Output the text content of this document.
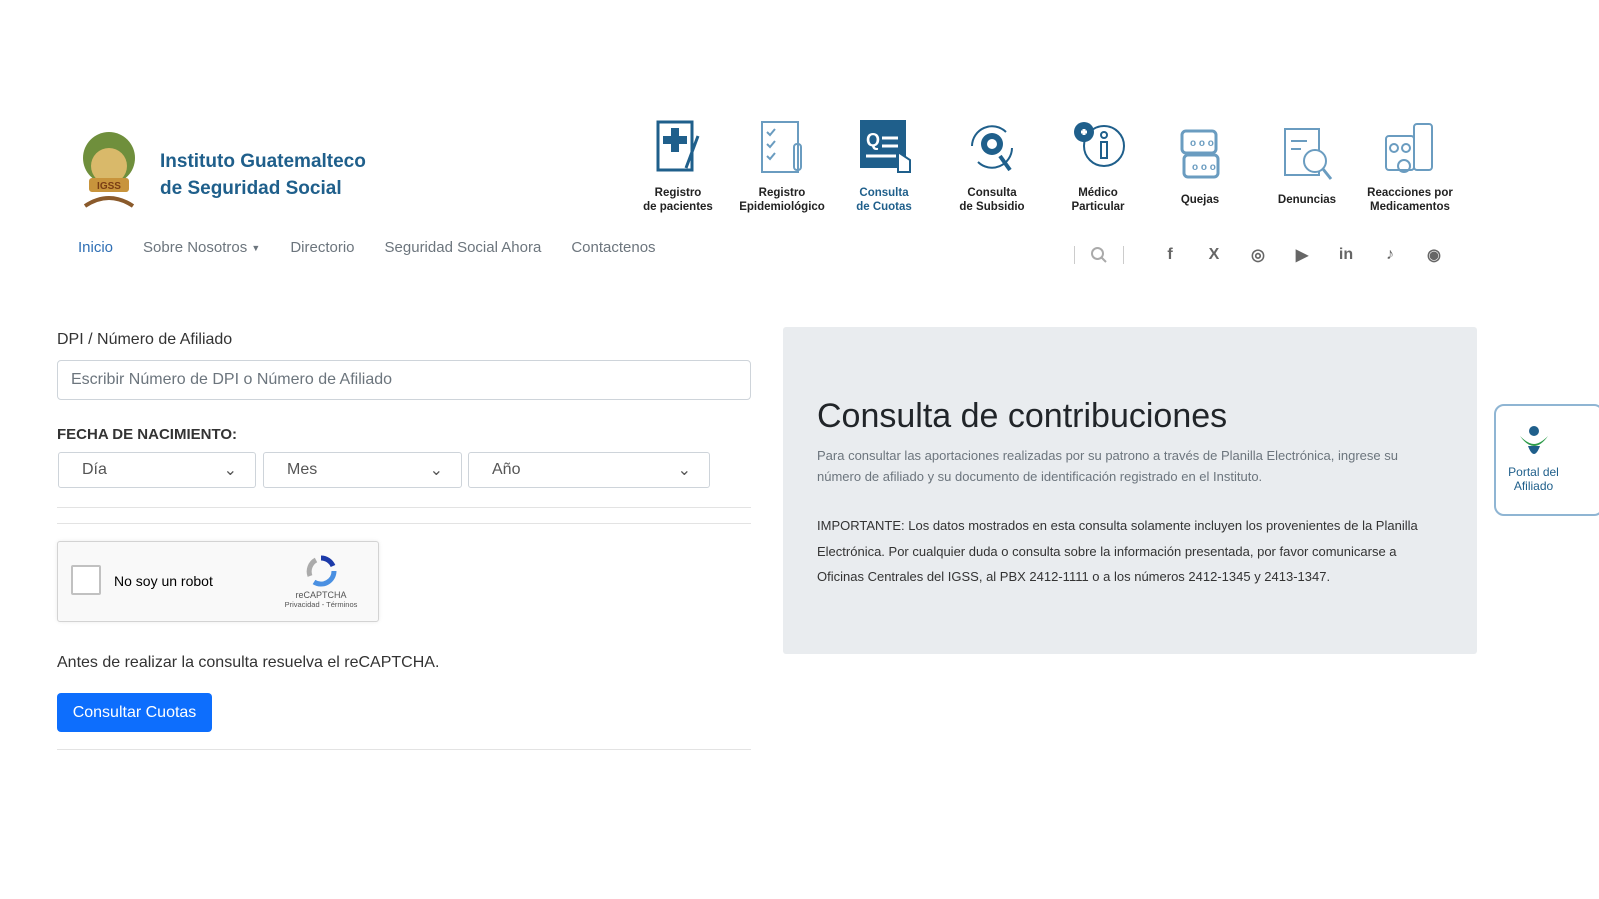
IGSS
Instituto Guatemalteco
de Seguridad Social	Registro
de pacientes
Registro
Epidemiológico
Q
Consulta
de Cuotas
Consulta
de Subsidio
Médico
Particular
o o o
o o o
Quejas	Denuncias
Reacciones por
Medicamentos
Inicio Sobre Nosotros ▼ Directorio Seguridad Social Ahora Contactenos	f	X ◎ ▶ in	♪	◉
DPI / Número de Afiliado
Escribir Número de DPI o Número de Afiliado
FECHA DE NACIMIENTO:
Día	⌄	Mes	⌄	Año	⌄
No soy un robot
reCAPTCHA
Privacidad - Términos
Antes de realizar la consulta resuelva el reCAPTCHA.
Consultar Cuotas
Consulta de contribuciones

Para consultar las aportaciones realizadas por su patrono a través de Planilla Electrónica, ingrese su número de afiliado y su documento de identificación registrado en el Instituto.

IMPORTANTE: Los datos mostrados en esta consulta solamente incluyen los provenientes de la Planilla Electrónica. Por cualquier duda o consulta sobre la información presentada, por favor comunicarse a Oficinas Centrales del IGSS, al PBX 2412-1111 o a los números 2412-1345 y 2413-1347.

Portal del Afiliado
